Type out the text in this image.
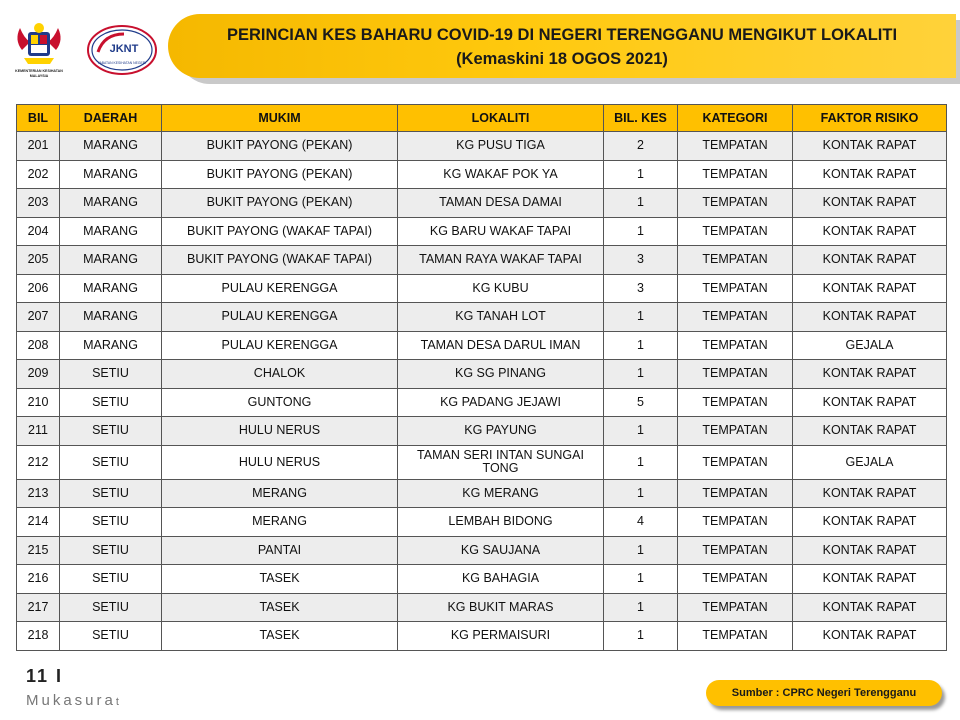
KEMENTERIAN KESIHATAN
MALAYSIA
JKNT
JABATAN KESIHATAN NEGERI
PERINCIAN KES BAHARU COVID-19 DI NEGERI TERENGGANU MENGIKUT LOKALITI
(Kemaskini 18 OGOS 2021)
BIL	DAERAH	MUKIM	LOKALITI	BIL. KES	KATEGORI	FAKTOR RISIKO
201	MARANG	BUKIT PAYONG (PEKAN)	KG PUSU TIGA	2	TEMPATAN	KONTAK RAPAT
202	MARANG	BUKIT PAYONG (PEKAN)	KG WAKAF POK YA	1	TEMPATAN	KONTAK RAPAT
203	MARANG	BUKIT PAYONG (PEKAN)	TAMAN DESA DAMAI	1	TEMPATAN	KONTAK RAPAT
204	MARANG	BUKIT PAYONG (WAKAF TAPAI)	KG BARU WAKAF TAPAI	1	TEMPATAN	KONTAK RAPAT
205	MARANG	BUKIT PAYONG (WAKAF TAPAI)	TAMAN RAYA WAKAF TAPAI	3	TEMPATAN	KONTAK RAPAT
206	MARANG	PULAU KERENGGA	KG KUBU	3	TEMPATAN	KONTAK RAPAT
207	MARANG	PULAU KERENGGA	KG TANAH LOT	1	TEMPATAN	KONTAK RAPAT
208	MARANG	PULAU KERENGGA	TAMAN DESA DARUL IMAN	1	TEMPATAN	GEJALA
209	SETIU	CHALOK	KG SG PINANG	1	TEMPATAN	KONTAK RAPAT
210	SETIU	GUNTONG	KG PADANG JEJAWI	5	TEMPATAN	KONTAK RAPAT
211	SETIU	HULU NERUS	KG PAYUNG	1	TEMPATAN	KONTAK RAPAT
212	SETIU	HULU NERUS	TAMAN SERI INTAN SUNGAI TONG	1	TEMPATAN	GEJALA
213	SETIU	MERANG	KG MERANG	1	TEMPATAN	KONTAK RAPAT
214	SETIU	MERANG	LEMBAH BIDONG	4	TEMPATAN	KONTAK RAPAT
215	SETIU	PANTAI	KG SAUJANA	1	TEMPATAN	KONTAK RAPAT
216	SETIU	TASEK	KG BAHAGIA	1	TEMPATAN	KONTAK RAPAT
217	SETIU	TASEK	KG BUKIT MARAS	1	TEMPATAN	KONTAK RAPAT
218	SETIU	TASEK	KG PERMAISURI	1	TEMPATAN	KONTAK RAPAT
11 I
Mukasurat
Sumber : CPRC Negeri Terengganu
